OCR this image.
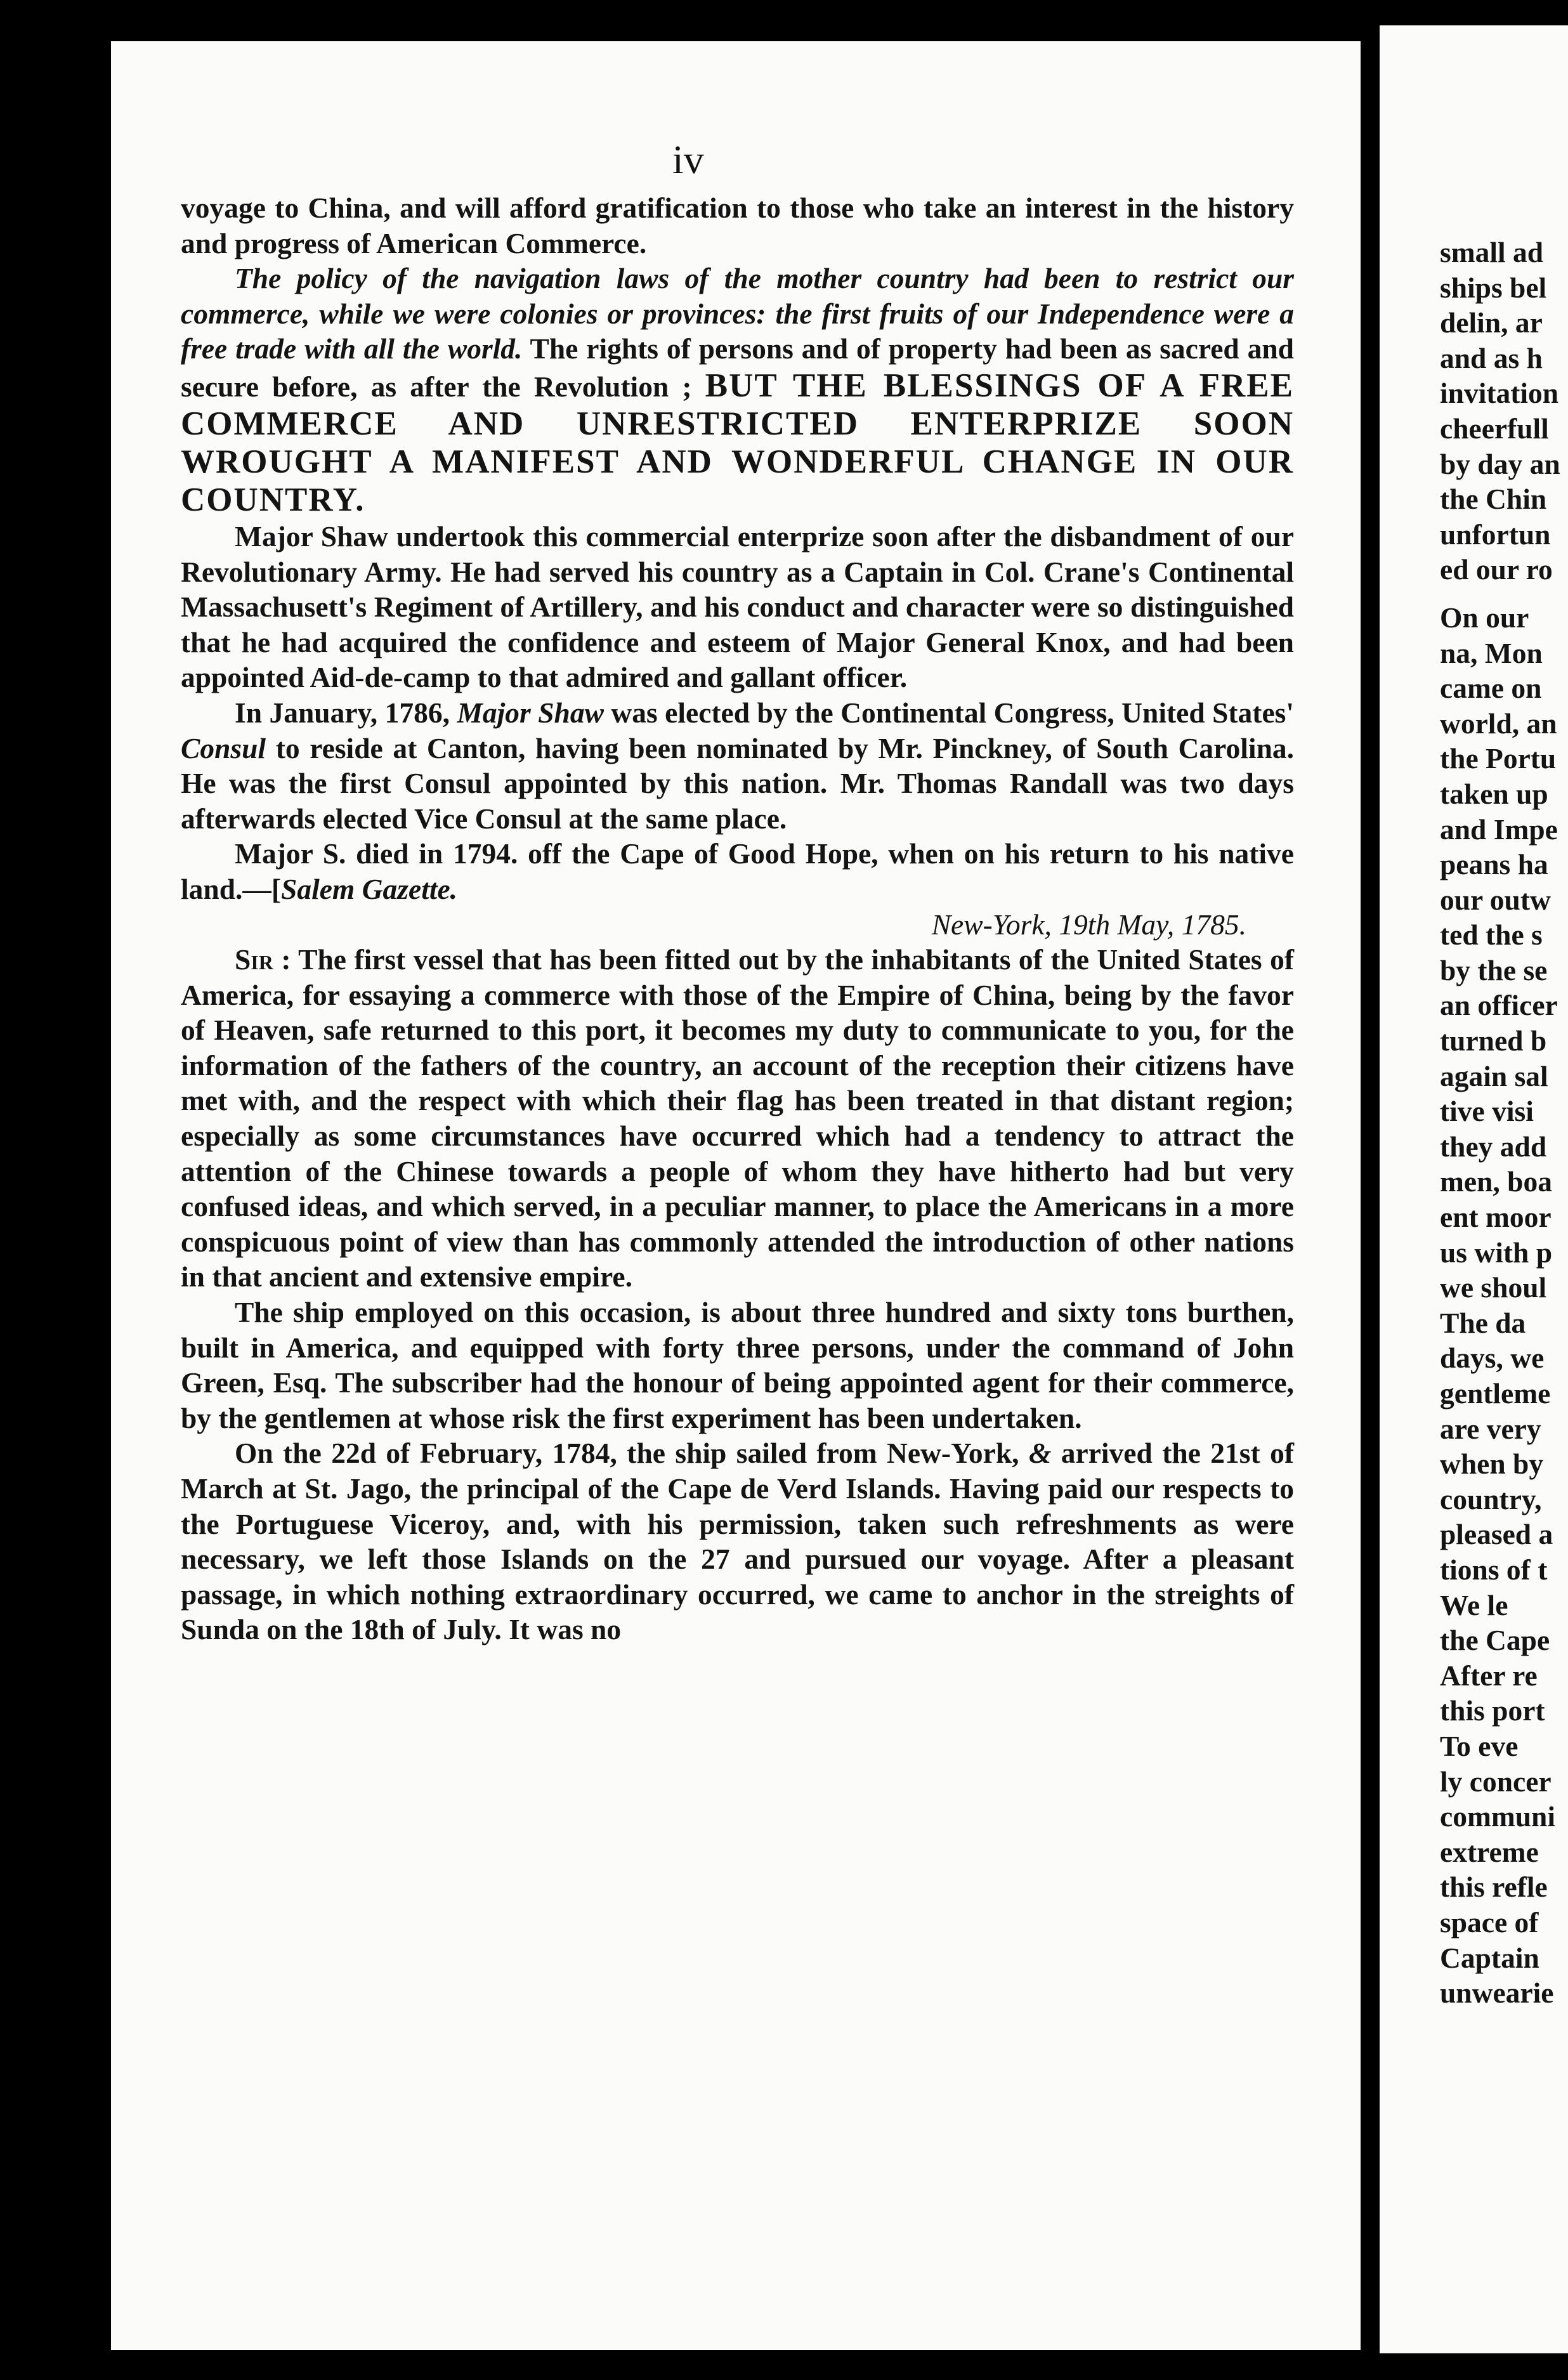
iv

voyage to China, and will afford gratification to those who take an interest in the history and progress of American Commerce.

The policy of the navigation laws of the mother country had been to restrict our commerce, while we were colonies or provinces: the first fruits of our Independence were a free trade with all the world. The rights of persons and of property had been as sacred and secure before, as after the Revolution ; BUT THE BLESSINGS OF A FREE COMMERCE AND UNRESTRICTED ENTERPRIZE SOON WROUGHT A MANIFEST AND WONDERFUL CHANGE IN OUR COUNTRY.

Major Shaw undertook this commercial enterprize soon after the disbandment of our Revolutionary Army. He had served his country as a Captain in Col. Crane's Continental Massachusett's Regiment of Artillery, and his conduct and character were so distinguished that he had acquired the confidence and esteem of Major General Knox, and had been appointed Aid-de-camp to that admired and gallant officer.

In January, 1786, Major Shaw was elected by the Continental Congress, United States' Consul to reside at Canton, having been nominated by Mr. Pinckney, of South Carolina. He was the first Consul appointed by this nation. Mr. Thomas Randall was two days afterwards elected Vice Consul at the same place.

Major S. died in 1794. off the Cape of Good Hope, when on his return to his native land.—[Salem Gazette.

New-York, 19th May, 1785.

Sir : The first vessel that has been fitted out by the inhabitants of the United States of America, for essaying a commerce with those of the Empire of China, being by the favor of Heaven, safe returned to this port, it becomes my duty to communicate to you, for the information of the fathers of the country, an account of the reception their citizens have met with, and the respect with which their flag has been treated in that distant region; especially as some circumstances have occurred which had a tendency to attract the attention of the Chinese towards a people of whom they have hitherto had but very confused ideas, and which served, in a peculiar manner, to place the Americans in a more conspicuous point of view than has commonly attended the introduction of other nations in that ancient and extensive empire.

The ship employed on this occasion, is about three hundred and sixty tons burthen, built in America, and equipped with forty three persons, under the command of John Green, Esq. The subscriber had the honour of being appointed agent for their commerce, by the gentlemen at whose risk the first experiment has been undertaken.

On the 22d of February, 1784, the ship sailed from New-York, & arrived the 21st of March at St. Jago, the principal of the Cape de Verd Islands. Having paid our respects to the Portuguese Viceroy, and, with his permission, taken such refreshments as were necessary, we left those Islands on the 27 and pursued our voyage. After a pleasant passage, in which nothing extraordinary occurred, we came to anchor in the streights of Sunda on the 18th of July. It was no

small ad
ships bel
delin, ar
and as h
invitation
cheerfull
by day an
the Chin
unfortun
ed our ro
On our
na, Mon
came on
world, an
the Portu
taken up
and Impe
peans ha
our outw
ted the s
by the se
an officer
turned b
again sal
tive visi
they add
men, boa
ent moor
us with p
we shoul
The da
days, we
gentleme
are very
when by
country,
pleased a
tions of t
We le
the Cape
After re
this port
To eve
ly concer
communi
extreme
this refle
space of
Captain
unwearie
